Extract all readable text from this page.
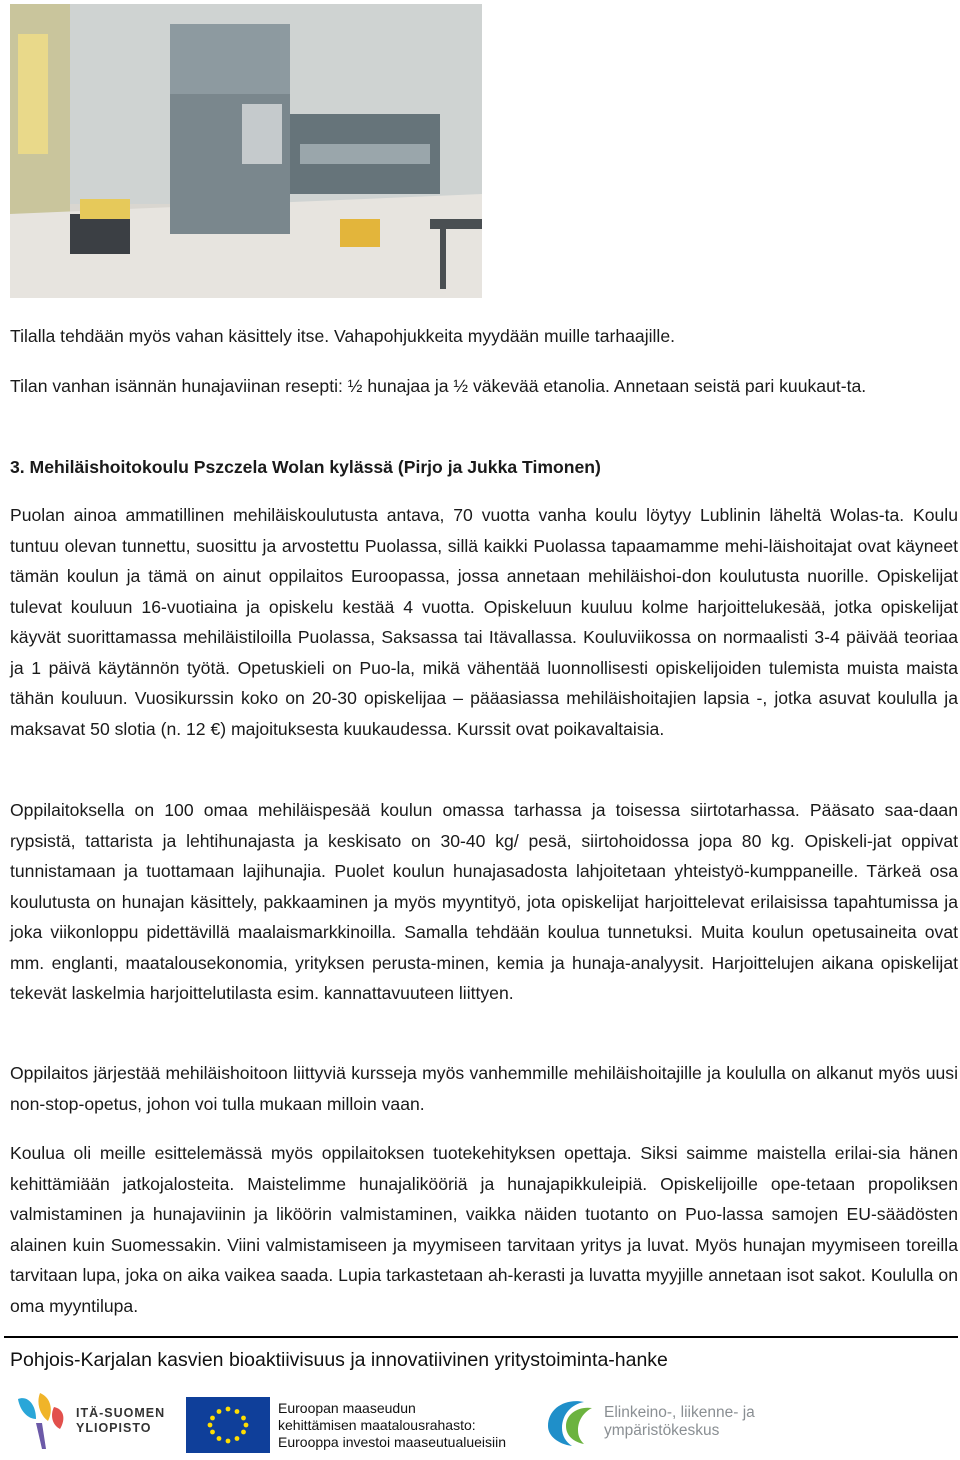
Tilalla tehdään myös vahan käsittely itse. Vahapohjukkeita myydään muille tarhaajille.

Tilan vanhan isännän hunajaviinan resepti: ½ hunajaa ja ½ väkevää etanolia. Annetaan seistä pari kuukaut-ta.

3. Mehiläishoitokoulu Pszczela Wolan kylässä (Pirjo ja Jukka Timonen)

Puolan ainoa ammatillinen mehiläiskoulutusta antava, 70 vuotta vanha koulu löytyy Lublinin läheltä Wolas-ta. Koulu tuntuu olevan tunnettu, suosittu ja arvostettu Puolassa, sillä kaikki Puolassa tapaamamme mehi-läishoitajat ovat käyneet tämän koulun ja tämä on ainut oppilaitos Euroopassa, jossa annetaan mehiläishoi-don koulutusta nuorille. Opiskelijat tulevat kouluun 16-vuotiaina ja opiskelu kestää 4 vuotta. Opiskeluun kuuluu kolme harjoittelukesää, jotka opiskelijat käyvät suorittamassa mehiläistiloilla Puolassa, Saksassa tai Itävallassa. Kouluviikossa on normaalisti 3-4 päivää teoriaa ja 1 päivä käytännön työtä. Opetuskieli on Puo-la, mikä vähentää luonnollisesti opiskelijoiden tulemista muista maista tähän kouluun. Vuosikurssin koko on 20-30 opiskelijaa – pääasiassa mehiläishoitajien lapsia -, jotka asuvat koululla ja maksavat 50 slotia (n. 12 €) majoituksesta kuukaudessa. Kurssit ovat poikavaltaisia.

Oppilaitoksella on 100 omaa mehiläispesää koulun omassa tarhassa ja toisessa siirtotarhassa. Pääsato saa-daan rypsistä, tattarista ja lehtihunajasta ja keskisato on 30-40 kg/ pesä, siirtohoidossa jopa 80 kg. Opiskeli-jat oppivat tunnistamaan ja tuottamaan lajihunajia. Puolet koulun hunajasadosta lahjoitetaan yhteistyö-kumppaneille. Tärkeä osa koulutusta on hunajan käsittely, pakkaaminen ja myös myyntityö, jota opiskelijat harjoittelevat erilaisissa tapahtumissa ja joka viikonloppu pidettävillä maalaismarkkinoilla. Samalla tehdään koulua tunnetuksi. Muita koulun opetusaineita ovat mm. englanti, maatalousekonomia, yrityksen perusta-minen, kemia ja hunaja-analyysit. Harjoittelujen aikana opiskelijat tekevät laskelmia harjoittelutilasta esim. kannattavuuteen liittyen.

Oppilaitos järjestää mehiläishoitoon liittyviä kursseja myös vanhemmille mehiläishoitajille ja koululla on alkanut myös uusi non-stop-opetus, johon voi tulla mukaan milloin vaan.

Koulua oli meille esittelemässä myös oppilaitoksen tuotekehityksen opettaja. Siksi saimme maistella erilai-sia hänen kehittämiään jatkojalosteita. Maistelimme hunajalikööriä ja hunajapikkuleipiä. Opiskelijoille ope-tetaan propoliksen valmistaminen ja hunajaviinin ja liköörin valmistaminen, vaikka näiden tuotanto on Puo-lassa samojen EU-säädösten alainen kuin Suomessakin. Viini valmistamiseen ja myymiseen tarvitaan yritys ja luvat. Myös hunajan myymiseen toreilla tarvitaan lupa, joka on aika vaikea saada. Lupia tarkastetaan ah-kerasti ja luvatta myyjille annetaan isot sakot. Koululla on oma myyntilupa.

Pohjois-Karjalan kasvien bioaktiivisuus ja innovatiivinen yritystoiminta-hanke
ITÄ-SUOMEN
YLIOPISTO
Euroopan maaseudun
kehittämisen maatalousrahasto:
Eurooppa investoi maaseutualueisiin
Elinkeino-, liikenne- ja
ympäristökeskus
